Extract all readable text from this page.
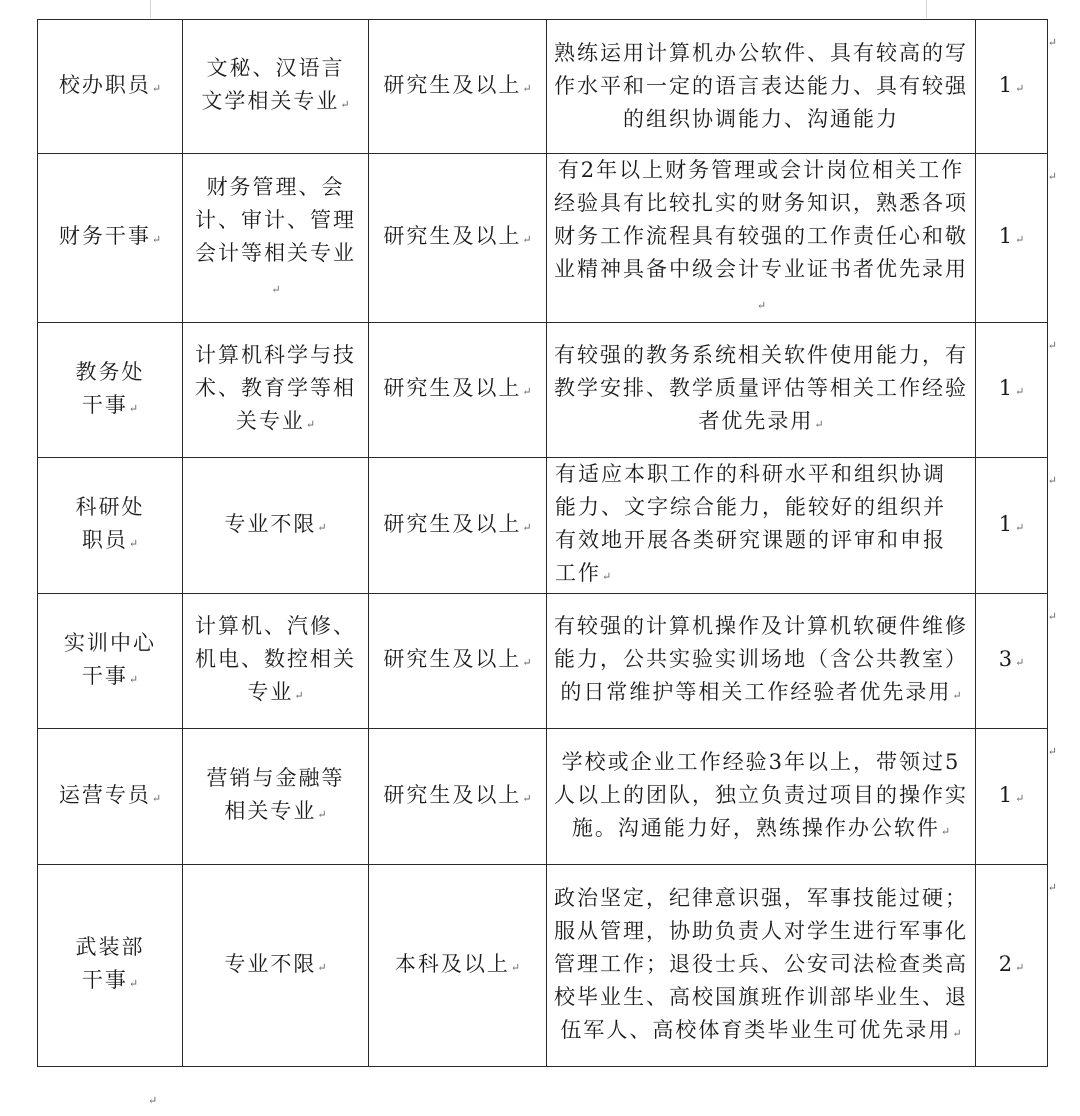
校办职员↵	文秘、汉语言文学相关专业↵	研究生及以上↵	熟练运用计算机办公软件、具有较高的写作水平和一定的语言表达能力、具有较强的组织协调能力、沟通能力	1↵
↵

财务干事↵	财务管理、会计、审计、管理会计等相关专业↵	研究生及以上↵	有2年以上财务管理或会计岗位相关工作经验具有比较扎实的财务知识，熟悉各项财务工作流程具有较强的工作责任心和敬业精神具备中级会计专业证书者优先录用↵	1↵
↵

教务处干事↵	计算机科学与技术、教育学等相关专业↵	研究生及以上↵	有较强的教务系统相关软件使用能力，有教学安排、教学质量评估等相关工作经验者优先录用↵	1↵
↵

科研处职员↵	专业不限↵	研究生及以上↵	有适应本职工作的科研水平和组织协调能力、文字综合能力，能较好的组织并有效地开展各类研究课题的评审和申报工作↵	1↵
↵

实训中心干事↵	计算机、汽修、机电、数控相关专业↵	研究生及以上↵	有较强的计算机操作及计算机软硬件维修能力，公共实验实训场地（含公共教室）的日常维护等相关工作经验者优先录用↵	3↵
↵

运营专员↵	营销与金融等相关专业↵	研究生及以上↵	学校或企业工作经验3年以上，带领过5人以上的团队，独立负责过项目的操作实施。沟通能力好，熟练操作办公软件↵	1↵
↵

武装部干事↵	专业不限↵	本科及以上↵	政治坚定，纪律意识强，军事技能过硬；服从管理，协助负责人对学生进行军事化管理工作；退役士兵、公安司法检查类高校毕业生、高校国旗班作训部毕业生、退伍军人、高校体育类毕业生可优先录用↵	2↵
↵
↵
